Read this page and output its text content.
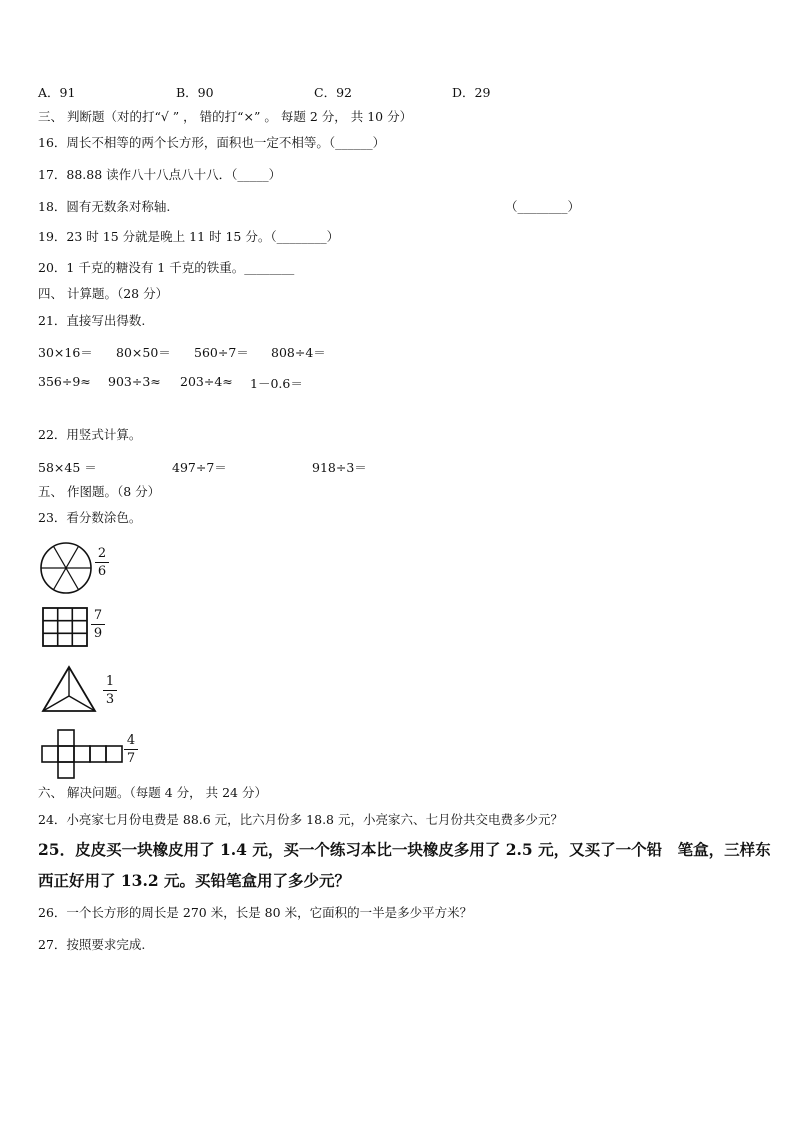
A．91	B．90	C．92	D．29
三、 判断题（对的打“√ ” ， 错的打“×” 。 每题 2 分， 共 10 分）
16．周长不相等的两个长方形，面积也一定不相等。（______）
17．88.88 读作八十八点八十八．（_____）
18．圆有无数条对称轴.	（________）
19．23 时 15 分就是晚上 11 时 15 分。（________）
20．1 千克的糖没有 1 千克的铁重。________
四、 计算题。（28 分）
21．直接写出得数.
30×16＝ 80×50＝ 560÷7＝ 808÷4＝
356÷9≈ 903÷3≈ 203÷4≈ 1－0.6＝
22．用竖式计算。
58×45 ＝	497÷7＝	918÷3＝
五、 作图题。（8 分）
23．看分数涂色。
2
6
7
9
1
3
4
7
六、 解决问题。（每题 4 分， 共 24 分）
24．小亮家七月份电费是 88.6 元，比六月份多 18.8 元，小亮家六、七月份共交电费多少元？
25．皮皮买一块橡皮用了 1.4 元，买一个练习本比一块橡皮多用了 2.5 元，又买了一个铅　笔盒，三样东
西正好用了 13.2 元。买铅笔盒用了多少元？
26．一个长方形的周长是 270 米，长是 80 米，它面积的一半是多少平方米？
27．按照要求完成.
